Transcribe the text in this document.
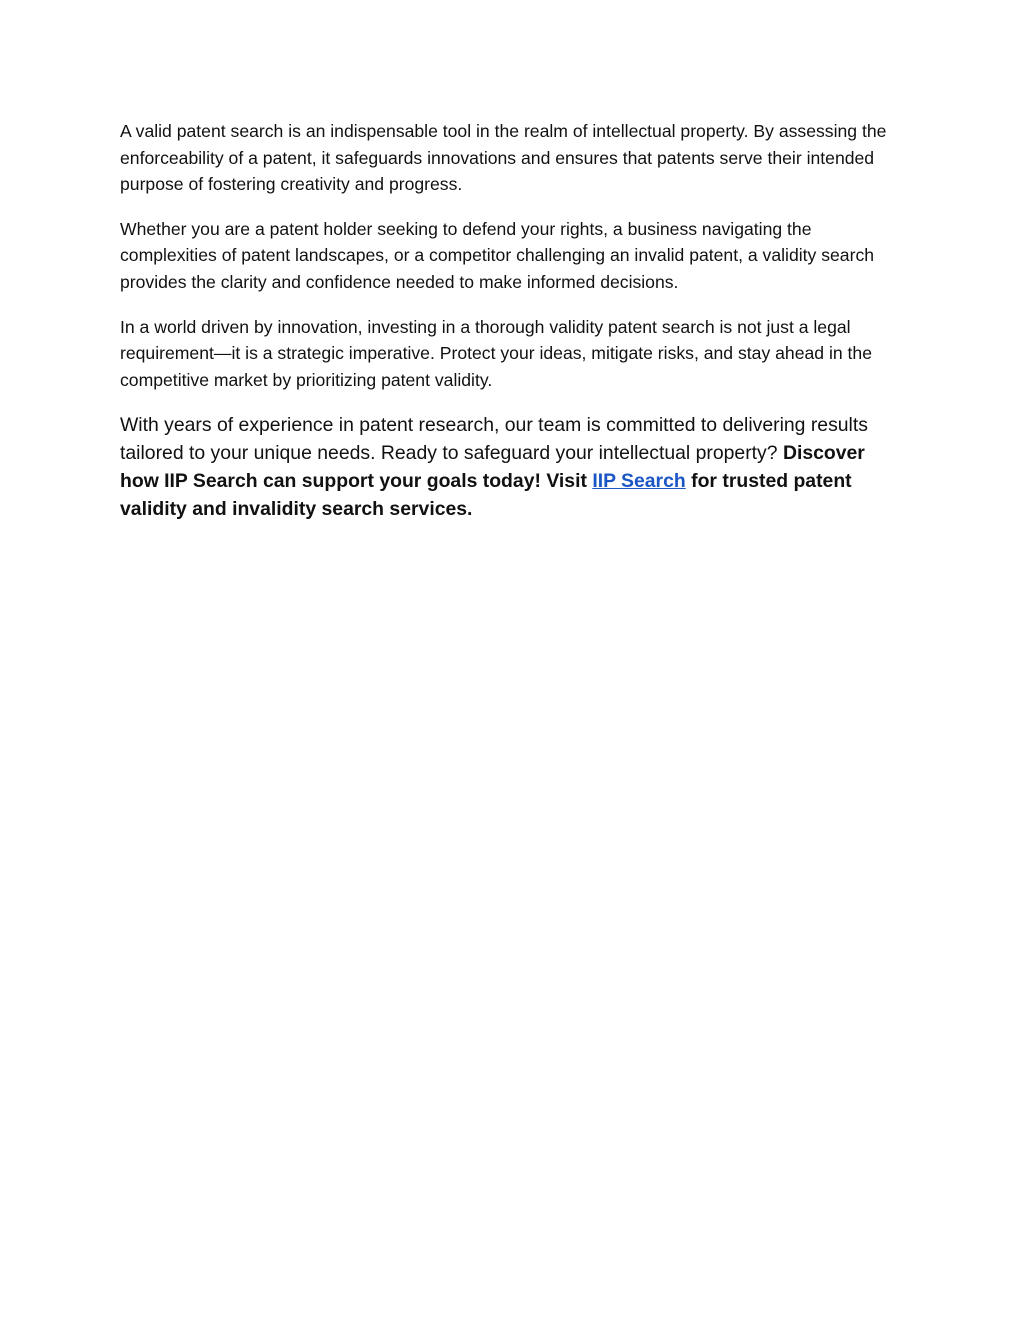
A valid patent search is an indispensable tool in the realm of intellectual property. By assessing the enforceability of a patent, it safeguards innovations and ensures that patents serve their intended purpose of fostering creativity and progress.

Whether you are a patent holder seeking to defend your rights, a business navigating the complexities of patent landscapes, or a competitor challenging an invalid patent, a validity search provides the clarity and confidence needed to make informed decisions.

In a world driven by innovation, investing in a thorough validity patent search is not just a legal requirement—it is a strategic imperative. Protect your ideas, mitigate risks, and stay ahead in the competitive market by prioritizing patent validity.

With years of experience in patent research, our team is committed to delivering results tailored to your unique needs. Ready to safeguard your intellectual property? Discover how IIP Search can support your goals today! Visit IIP Search for trusted patent validity and invalidity search services.
